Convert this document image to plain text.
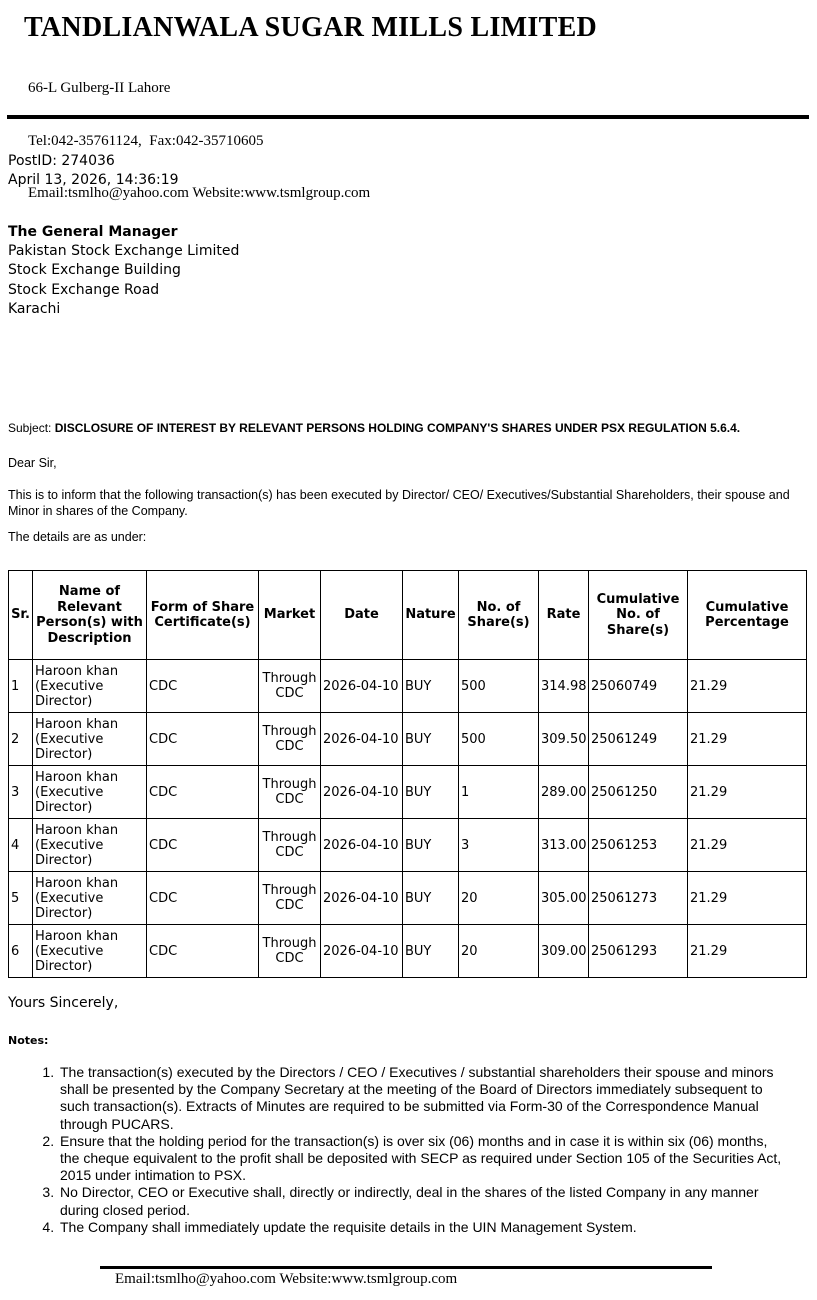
TANDLIANWALA SUGAR MILLS LIMITED

66-L Gulberg-II Lahore

Tel:042-35761124,  Fax:042-35710605

Email:tsmlho@yahoo.com Website:www.tsmlgroup.com

PostID: 274036
April 13, 2026, 14:36:19
The General Manager
Pakistan Stock Exchange Limited
Stock Exchange Building
Stock Exchange Road
Karachi
Subject: DISCLOSURE OF INTEREST BY RELEVANT PERSONS HOLDING COMPANY'S SHARES UNDER PSX REGULATION 5.6.4.
Dear Sir,
This is to inform that the following transaction(s) has been executed by Director/ CEO/ Executives/Substantial Shareholders, their spouse and Minor in shares of the Company.
The details are as under:
Sr.	Name of Relevant Person(s) with Description	Form of Share Certificate(s)	Market	Date	Nature	No. of Share(s)	Rate	Cumulative No. of Share(s)	Cumulative Percentage
1	Haroon khan (Executive Director)	CDC	Through CDC	2026-04-10	BUY	500	314.98	25060749	21.29
2	Haroon khan (Executive Director)	CDC	Through CDC	2026-04-10	BUY	500	309.50	25061249	21.29
3	Haroon khan (Executive Director)	CDC	Through CDC	2026-04-10	BUY	1	289.00	25061250	21.29
4	Haroon khan (Executive Director)	CDC	Through CDC	2026-04-10	BUY	3	313.00	25061253	21.29
5	Haroon khan (Executive Director)	CDC	Through CDC	2026-04-10	BUY	20	305.00	25061273	21.29
6	Haroon khan (Executive Director)	CDC	Through CDC	2026-04-10	BUY	20	309.00	25061293	21.29
Yours Sincerely,
Notes:
1. The transaction(s) executed by the Directors / CEO / Executives / substantial shareholders their spouse and minors shall be presented by the Company Secretary at the meeting of the Board of Directors immediately subsequent to such transaction(s). Extracts of Minutes are required to be submitted via Form-30 of the Correspondence Manual through PUCARS.
2. Ensure that the holding period for the transaction(s) is over six (06) months and in case it is within six (06) months, the cheque equivalent to the profit shall be deposited with SECP as required under Section 105 of the Securities Act, 2015 under intimation to PSX.
3. No Director, CEO or Executive shall, directly or indirectly, deal in the shares of the listed Company in any manner during closed period.
4. The Company shall immediately update the requisite details in the UIN Management System.
Email:tsmlho@yahoo.com Website:www.tsmlgroup.com
